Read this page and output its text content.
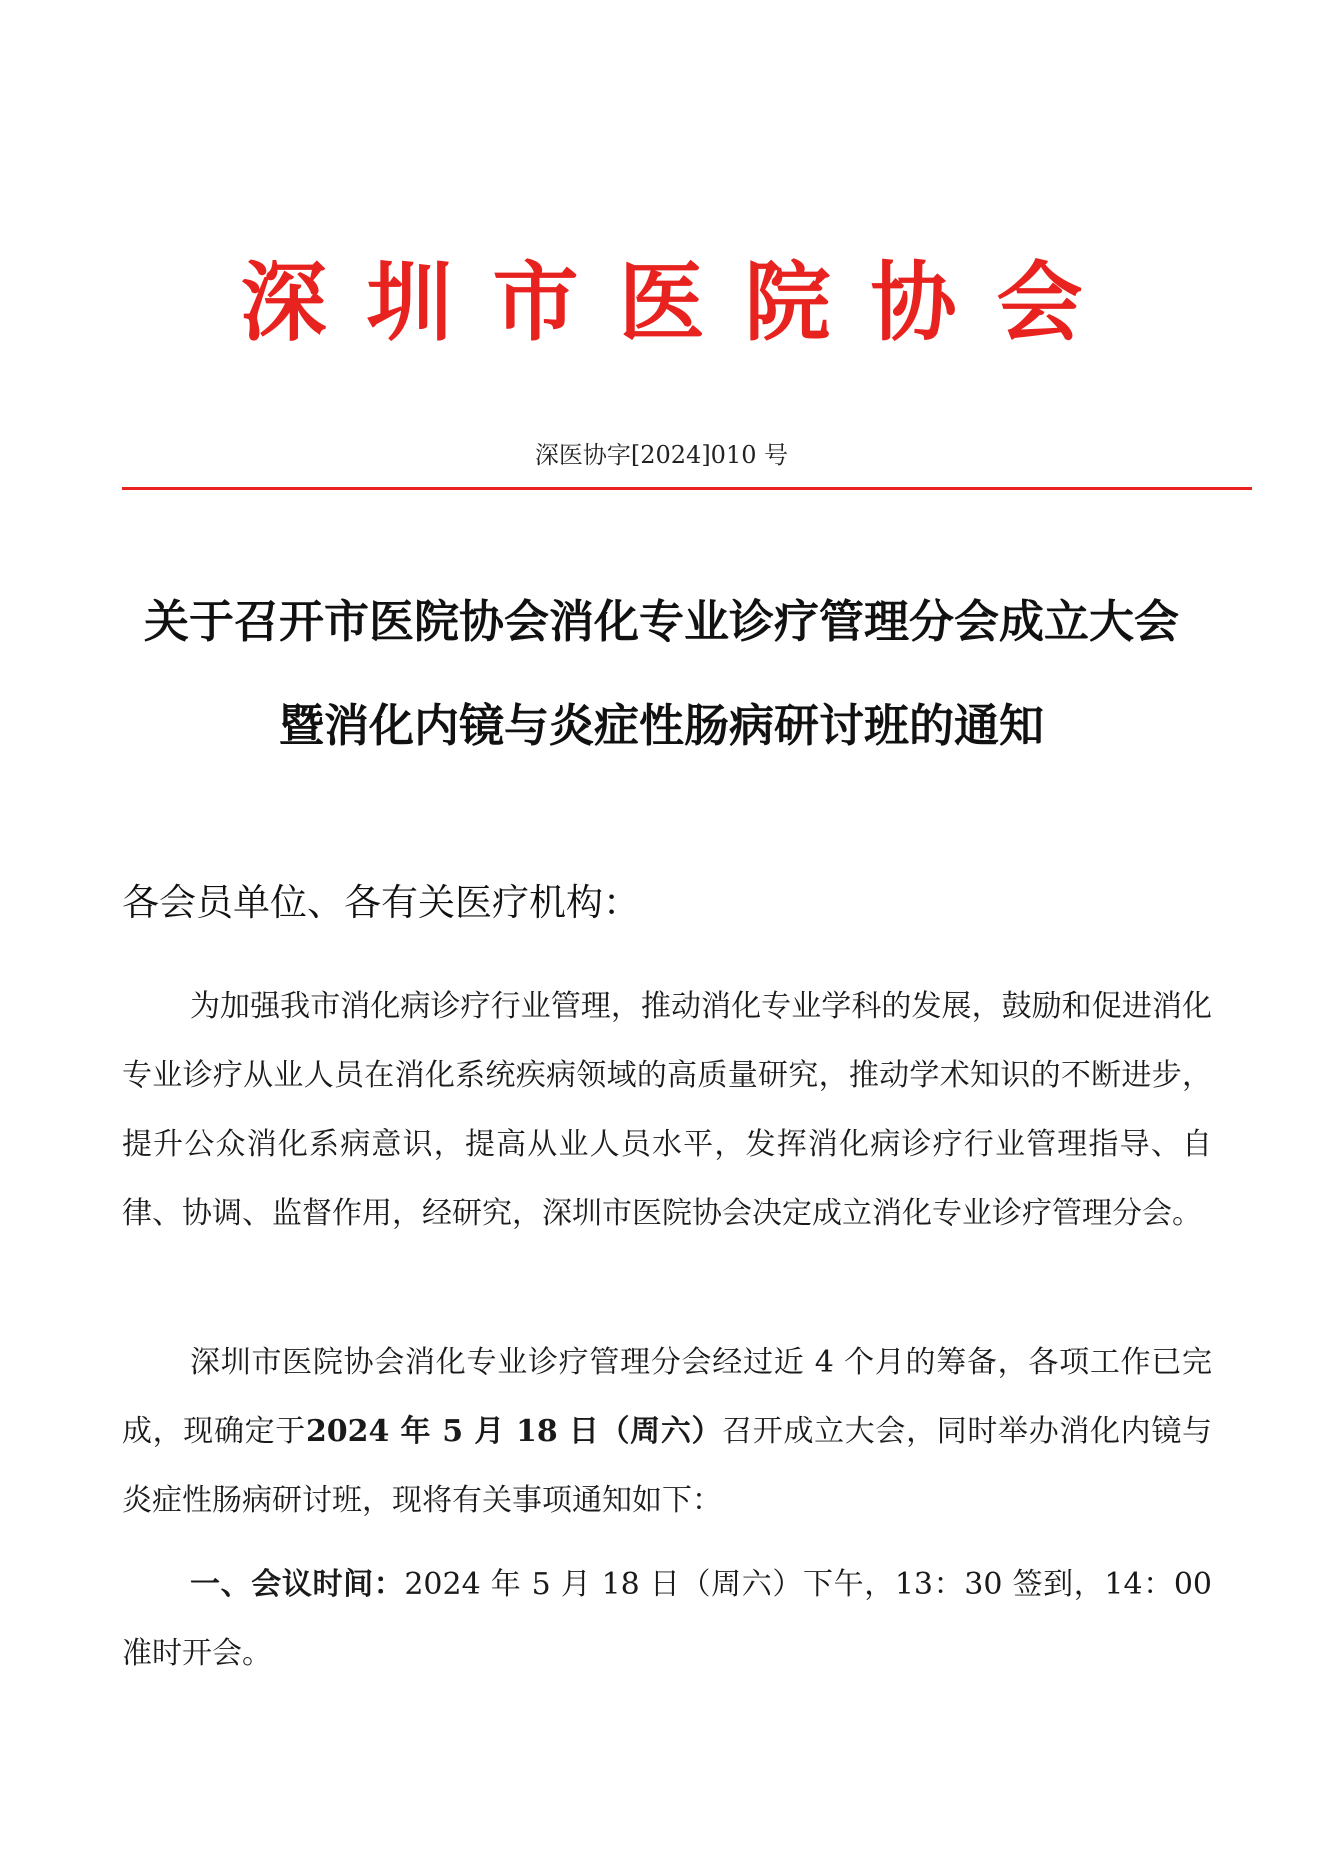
深圳市医院协会
深医协字[2024]010 号
关于召开市医院协会消化专业诊疗管理分会成立大会
暨消化内镜与炎症性肠病研讨班的通知
各会员单位、各有关医疗机构：
为加强我市消化病诊疗行业管理，推动消化专业学科的发展，鼓励和促进消化专业诊疗从业人员在消化系统疾病领域的高质量研究，推动学术知识的不断进步，提升公众消化系病意识，提高从业人员水平，发挥消化病诊疗行业管理指导、自律、协调、监督作用，经研究，深圳市医院协会决定成立消化专业诊疗管理分会。
深圳市医院协会消化专业诊疗管理分会经过近 4 个月的筹备，各项工作已完成，现确定于2024 年 5 月 18 日（周六）召开成立大会，同时举办消化内镜与炎症性肠病研讨班，现将有关事项通知如下：
一、会议时间：2024 年 5 月 18 日（周六）下午，13：30 签到，14：00 准时开会。
